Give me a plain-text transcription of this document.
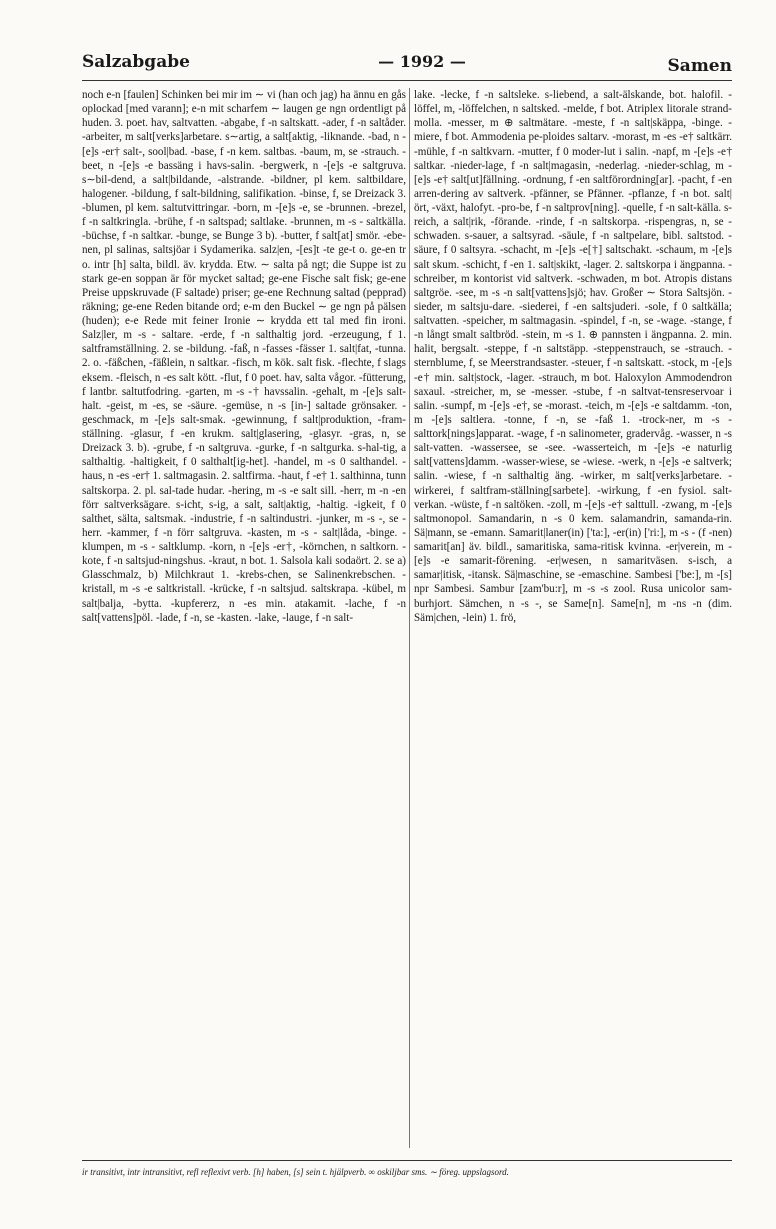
Salzabgabe	— 1992 —	Samen

noch e-n [faulen] Schinken bei mir im ∼ vi (han och jag) ha ännu en gås oplockad [med varann]; e-n mit scharfem ∼ laugen ge ngn ordentligt på huden. 3. poet. hav, saltvatten. -abgabe, f -n saltskatt. -ader, f -n saltåder. -arbeiter, m salt[verks]arbetare. s∼artig, a salt[aktig, -liknande. -bad, n -[e]s -er† salt-, sool|bad. -base, f -n kem. saltbas. -baum, m, se -strauch. -beet, n -[e]s -e bassäng i havs-salin. -bergwerk, n -[e]s -e saltgruva. s∼bil-dend, a salt|bildande, -alstrande. -bildner, pl kem. saltbildare, halogener. -bildung, f salt-bildning, salifikation. -binse, f, se Dreizack 3. -blumen, pl kem. saltutvittringar. -born, m -[e]s -e, se -brunnen. -brezel, f -n saltkringla. -brühe, f -n saltspad; saltlake. -brunnen, m -s - saltkälla. -büchse, f -n saltkar. -bunge, se Bunge 3 b). -butter, f salt[at] smör. -ebe-nen, pl salinas, saltsjöar i Sydamerika. salz|en, -[es]t -te ge-t o. ge-en tr o. intr [h] salta, bildl. äv. krydda. Etw. ∼ salta på ngt; die Suppe ist zu stark ge-en soppan är för mycket saltad; ge-ene Fische salt fisk; ge-ene Preise uppskruvade (F saltade) priser; ge-ene Rechnung saltad (pepprad) räkning; ge-ene Reden bitande ord; e-m den Buckel ∼ ge ngn på pälsen (huden); e-e Rede mit feiner Ironie ∼ krydda ett tal med fin ironi. Salz|ler, m -s - saltare. -erde, f -n salthaltig jord. -erzeugung, f 1. saltframställning. 2. se -bildung. -faß, n -fasses -fässer 1. salt|fat, -tunna. 2. o. -fäßchen, -fäßlein, n saltkar. -fisch, m kök. salt fisk. -flechte, f slags eksem. -fleisch, n -es salt kött. -flut, f 0 poet. hav, salta vågor. -fütterung, f lantbr. saltutfodring. -garten, m -s -† havssalin. -gehalt, m -[e]s salt-halt. -geist, m -es, se -säure. -gemüse, n -s [in-] saltade grönsaker. -geschmack, m -[e]s salt-smak. -gewinnung, f salt|produktion, -fram-ställning. -glasur, f -en krukm. salt|glasering, -glasyr. -gras, n, se Dreizack 3. b). -grube, f -n saltgruva. -gurke, f -n saltgurka. s-hal-tig, a salthaltig. -haltigkeit, f 0 salthalt[ig-het]. -handel, m -s 0 salthandel. -haus, n -es -er† 1. saltmagasin. 2. saltfirma. -haut, f -e† 1. salthinna, tunn saltskorpa. 2. pl. sal-tade hudar. -hering, m -s -e salt sill. -herr, m -n -en förr saltverksägare. s-icht, s-ig, a salt, salt|aktig, -haltig. -igkeit, f 0 salthet, sälta, saltsmak. -industrie, f -n saltindustri. -junker, m -s -, se -herr. -kammer, f -n förr saltgruva. -kasten, m -s - salt|låda, -binge. -klumpen, m -s - saltklump. -korn, n -[e]s -er†, -körnchen, n saltkorn. -kote, f -n saltsjud-ningshus. -kraut, n bot. 1. Salsola kali sodaört. 2. se a) Glasschmalz, b) Milchkraut 1. -krebs-chen, se Salinenkrebschen. -kristall, m -s -e saltkristall. -krücke, f -n saltsjud. saltskrapa. -kübel, m salt|balja, -bytta. -kupfererz, n -es min. atakamit. -lache, f -n salt[vattens]pöl. -lade, f -n, se -kasten. -lake, -lauge, f -n salt-

lake. -lecke, f -n saltsleke. s-liebend, a salt-älskande, bot. halofil. -löffel, m, -löffelchen, n saltsked. -melde, f bot. Atriplex litorale strand-molla. -messer, m ⊕ saltmätare. -meste, f -n salt|skäppa, -binge. -miere, f bot. Ammodenia pe-ploides saltarv. -morast, m -es -e† saltkärr. -mühle, f -n saltkvarn. -mutter, f 0 moder-lut i salin. -napf, m -[e]s -e† saltkar. -nieder-lage, f -n salt|magasin, -nederlag. -nieder-schlag, m -[e]s -e† salt[ut]fällning. -ordnung, f -en saltförordning[ar]. -pacht, f -en arren-dering av saltverk. -pfänner, se Pfänner. -pflanze, f -n bot. salt|ört, -växt, halofyt. -pro-be, f -n saltprov[ning]. -quelle, f -n salt-källa. s-reich, a salt|rik, -förande. -rinde, f -n saltskorpa. -rispengras, n, se -schwaden. s-sauer, a saltsyrad. -säule, f -n saltpelare, bibl. saltstod. -säure, f 0 saltsyra. -schacht, m -[e]s -e[†] saltschakt. -schaum, m -[e]s salt skum. -schicht, f -en 1. salt|skikt, -lager. 2. saltskorpa i ängpanna. -schreiber, m kontorist vid saltverk. -schwaden, m bot. Atropis distans saltgröe. -see, m -s -n salt[vattens]sjö; hav. Großer ∼ Stora Saltsjön. -sieder, m saltsju-dare. -siederei, f -en saltsjuderi. -sole, f 0 saltkälla; saltvatten. -speicher, m saltmagasin. -spindel, f -n, se -wage. -stange, f -n långt smalt saltbröd. -stein, m -s 1. ⊕ pannsten i ängpanna. 2. min. halit, bergsalt. -steppe, f -n saltstäpp. -steppenstrauch, se -strauch. -sternblume, f, se Meerstrandsaster. -steuer, f -n saltskatt. -stock, m -[e]s -e† min. salt|stock, -lager. -strauch, m bot. Haloxylon Ammodendron saxaul. -streicher, m, se -messer. -stube, f -n saltvat-tensreservoar i salin. -sumpf, m -[e]s -e†, se -morast. -teich, m -[e]s -e saltdamm. -ton, m -[e]s saltlera. -tonne, f -n, se -faß 1. -trock-ner, m -s - salttork[nings]apparat. -wage, f -n salinometer, gradervåg. -wasser, n -s salt-vatten. -wassersee, se -see. -wasserteich, m -[e]s -e naturlig salt[vattens]damm. -wasser-wiese, se -wiese. -werk, n -[e]s -e saltverk; salin. -wiese, f -n salthaltig äng. -wirker, m salt[verks]arbetare. -wirkerei, f saltfram-ställning[sarbete]. -wirkung, f -en fysiol. salt-verkan. -wüste, f -n saltöken. -zoll, m -[e]s -e† salttull. -zwang, m -[e]s saltmonopol. Samandarin, n -s 0 kem. salamandrin, samanda-rin. Sä|mann, se -emann. Samarit|laner(in) ['ta:], -er(in) ['ri:], m -s - (f -nen) samarit[an] äv. bildl., samaritiska, sama-ritisk kvinna. -er|verein, m -[e]s -e samarit-förening. -er|wesen, n samaritväsen. s-isch, a samar|itisk, -itansk. Sä|maschine, se -emaschine. Sambesi ['be:], m -[s] npr Sambesi. Sambur [zam'bu:r], m -s -s zool. Rusa unicolor sam-burhjort. Sämchen, n -s -, se Same[n]. Same[n], m -ns -n (dim. Säm|chen, -lein) 1. frö,

ir transitivt, intr intransitivt, refl reflexivt verb. [h] haben, [s] sein t. hjälpverb. ∞ oskiljbar sms. ∼ föreg. uppslagsord.
